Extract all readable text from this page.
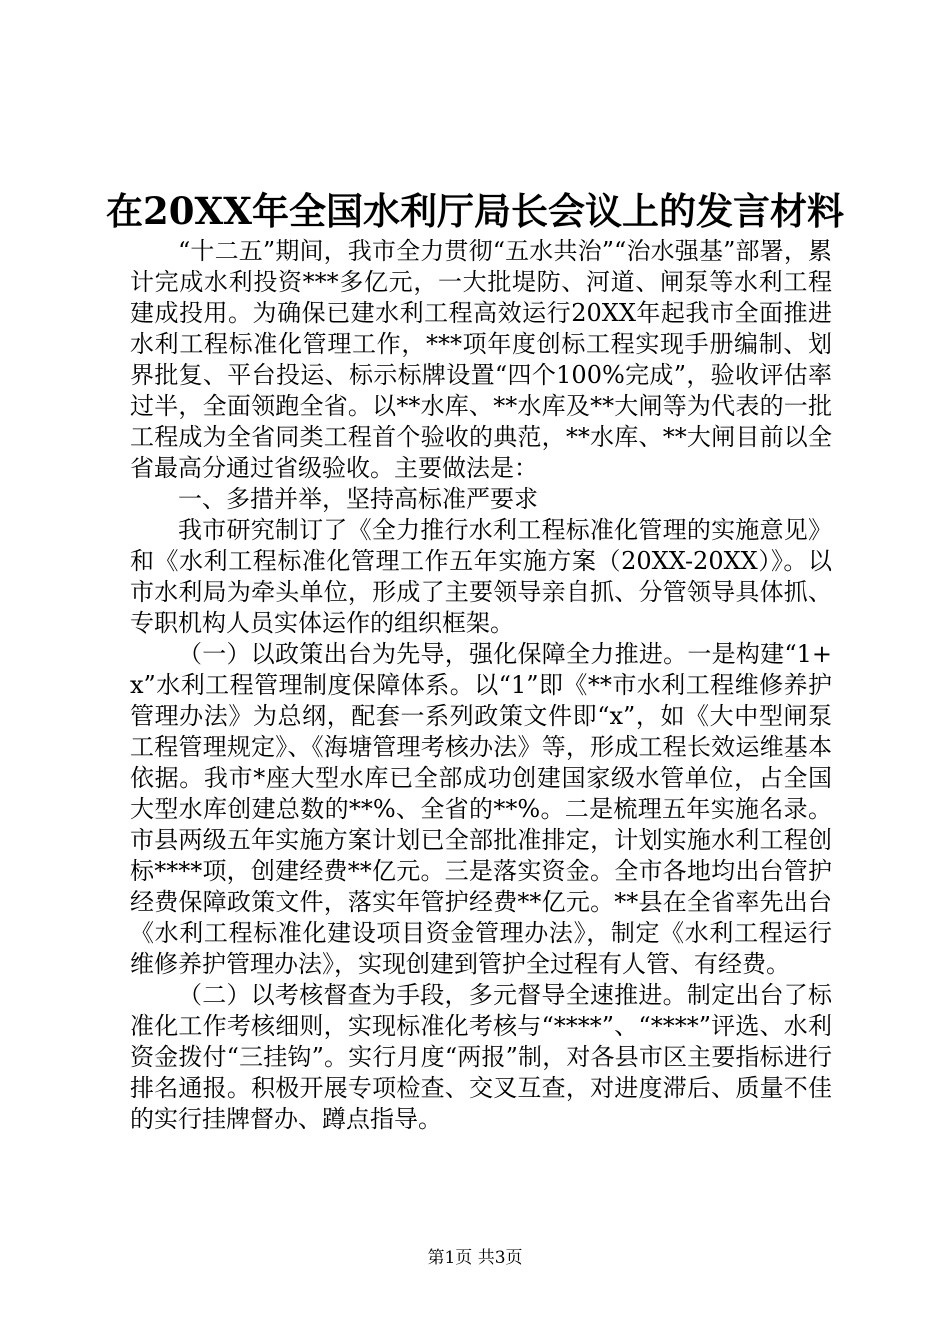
在20XX年全国水利厅局长会议上的发言材料

“十二五”期间，我市全力贯彻“五水共治”“治水强基”部署，累计完成水利投资***多亿元，一大批堤防、河道、闸泵等水利工程建成投用。为确保已建水利工程高效运行20XX年起我市全面推进水利工程标准化管理工作，***项年度创标工程实现手册编制、划界批复、平台投运、标示标牌设置“四个100%完成”，验收评估率过半，全面领跑全省。以**水库、**水库及**大闸等为代表的一批工程成为全省同类工程首个验收的典范，**水库、**大闸目前以全省最高分通过省级验收。主要做法是：

一、多措并举，坚持高标准严要求

我市研究制订了《全力推行水利工程标准化管理的实施意见》和《水利工程标准化管理工作五年实施方案（20XX-20XX）》。以市水利局为牵头单位，形成了主要领导亲自抓、分管领导具体抓、专职机构人员实体运作的组织框架。

（一）以政策出台为先导，强化保障全力推进。一是构建“1+x”水利工程管理制度保障体系。以“1”即《**市水利工程维修养护管理办法》为总纲，配套一系列政策文件即“x”，如《大中型闸泵工程管理规定》、《海塘管理考核办法》等，形成工程长效运维基本依据。我市*座大型水库已全部成功创建国家级水管单位，占全国大型水库创建总数的**%、全省的**%。二是梳理五年实施名录。市县两级五年实施方案计划已全部批准排定，计划实施水利工程创标****项，创建经费**亿元。三是落实资金。全市各地均出台管护经费保障政策文件，落实年管护经费**亿元。**县在全省率先出台《水利工程标准化建设项目资金管理办法》，制定《水利工程运行维修养护管理办法》，实现创建到管护全过程有人管、有经费。

（二）以考核督查为手段，多元督导全速推进。制定出台了标准化工作考核细则，实现标准化考核与“****”、“****”评选、水利资金拨付“三挂钩”。实行月度“两报”制，对各县市区主要指标进行排名通报。积极开展专项检查、交叉互查，对进度滞后、质量不佳的实行挂牌督办、蹲点指导。

第1页 共3页
